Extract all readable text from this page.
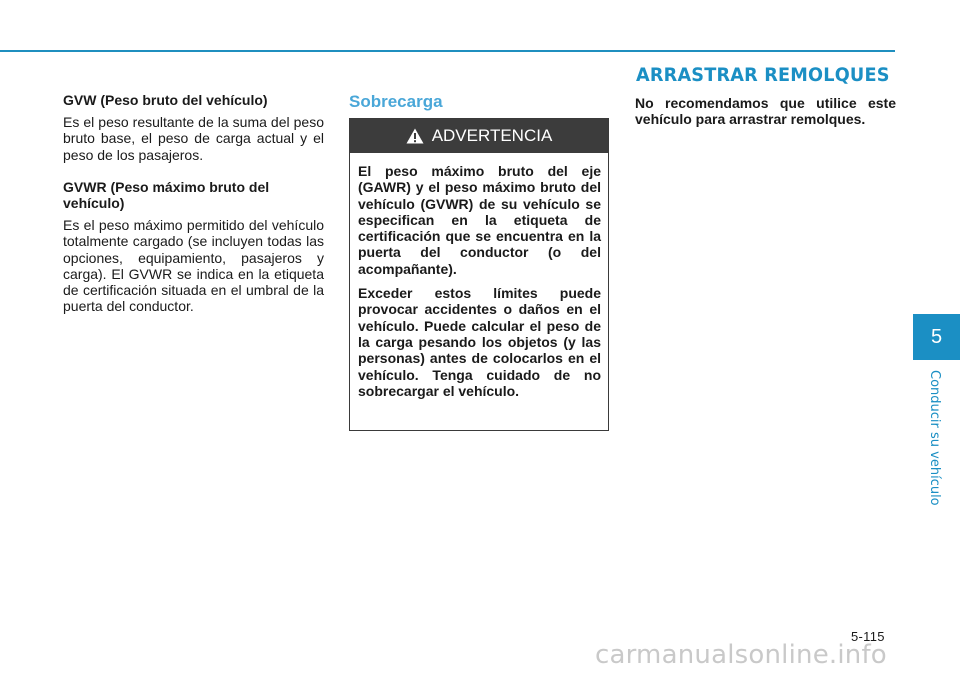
ARRASTRAR REMOLQUES

GVW (Peso bruto del vehículo)

Es el peso resultante de la suma del peso bruto base, el peso de carga actual y el peso de los pasajeros.

GVWR (Peso máximo bruto del vehículo)

Es el peso máximo permitido del vehículo totalmente cargado (se incluyen todas las opciones, equipamiento, pasajeros y carga). El GVWR se indica en la etiqueta de certificación situada en el umbral de la puerta del conductor.

Sobrecarga
ADVERTENCIA

El peso máximo bruto del eje (GAWR) y el peso máximo bruto del vehículo (GVWR) de su vehículo se especifican en la etiqueta de certificación que se encuentra en la puerta del conductor (o del acompañante).

Exceder estos límites puede provocar accidentes o daños en el vehículo. Puede calcular el peso de la carga pesando los objetos (y las personas) antes de colocarlos en el vehículo. Tenga cuidado de no sobrecargar el vehículo.

No recomendamos que utilice este vehículo para arrastrar remolques.

5
Conducir su vehículo
5-115
carmanualsonline.info
